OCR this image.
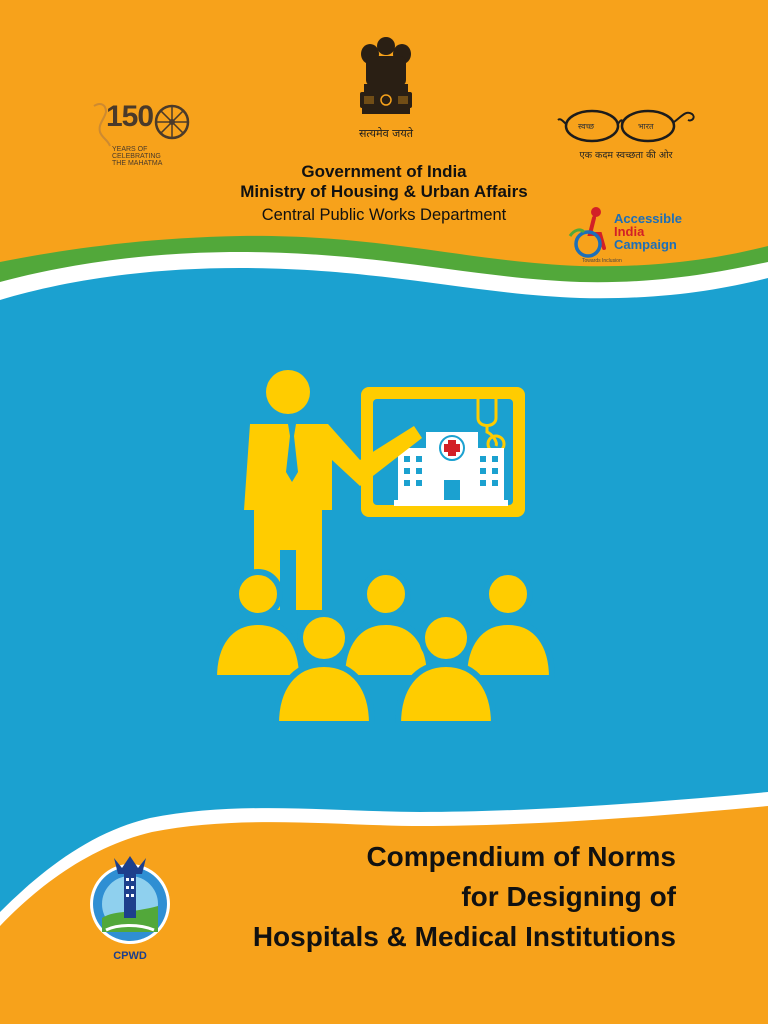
सत्यमेव जयते
Government of India
Ministry of Housing & Urban Affairs
Central Public Works Department
150
YEARS OF
CELEBRATING
THE MAHATMA
स्वच्छ	भारत
एक कदम स्वच्छता की ओर
Accessible
India
Campaign
Towards Inclusion
Compendium of Norms
for Designing of
Hospitals & Medical Institutions
CPWD
